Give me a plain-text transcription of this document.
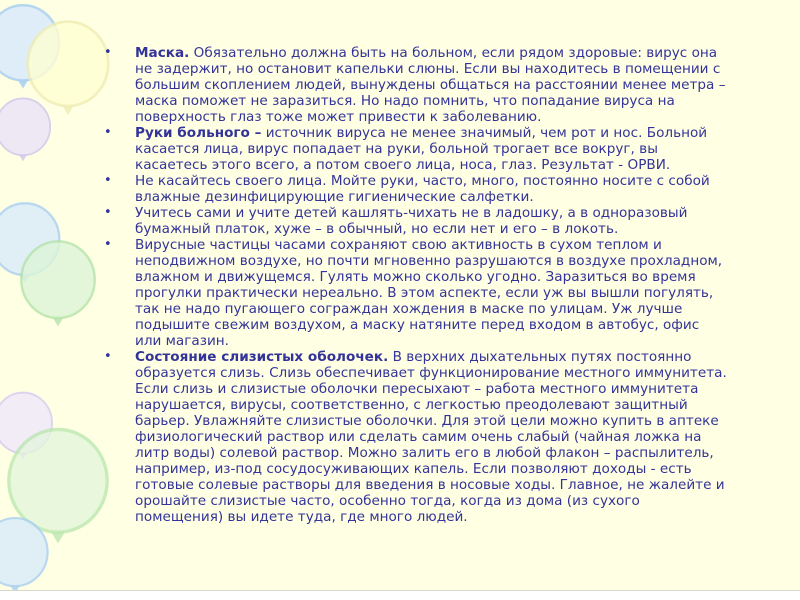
•	Маска. Обязательно должна быть на больном, если рядом здоровые: вирус она не задержит, но остановит капельки слюны. Если вы находитесь в помещении с большим скоплением людей, вынуждены общаться на расстоянии менее метра – маска поможет не заразиться. Но надо помнить, что попадание вируса на поверхность глаз тоже может привести к заболеванию.
•	Руки больного – источник вируса не менее значимый, чем рот и нос. Больной касается лица, вирус попадает на руки, больной трогает все вокруг, вы касаетесь этого всего, а потом своего лица, носа, глаз. Результат - ОРВИ.
•	Не касайтесь своего лица. Мойте руки, часто, много, постоянно носите с собой влажные дезинфицирующие гигиенические салфетки.
•	Учитесь сами и учите детей кашлять-чихать не в ладошку, а в одноразовый бумажный платок, хуже – в обычный, но если нет и его – в локоть.
•	Вирусные частицы часами сохраняют свою активность в сухом теплом и неподвижном воздухе, но почти мгновенно разрушаются в воздухе прохладном, влажном и движущемся. Гулять можно сколько угодно. Заразиться во время прогулки практически нереально. В этом аспекте, если уж вы вышли погулять, так не надо пугающего сограждан хождения в маске по улицам. Уж лучше подышите свежим воздухом, а маску натяните перед входом в автобус, офис или магазин.
•	Состояние слизистых оболочек. В верхних дыхательных путях постоянно образуется слизь. Слизь обеспечивает функционирование местного иммунитета. Если слизь и слизистые оболочки пересыхают – работа местного иммунитета нарушается, вирусы, соответственно, с легкостью преодолевают защитный барьер. Увлажняйте слизистые оболочки. Для этой цели можно купить в аптеке физиологический раствор или сделать самим очень слабый (чайная ложка на литр воды) солевой раствор. Можно залить его в любой флакон – распылитель, например, из-под сосудосуживающих капель. Если позволяют доходы - есть готовые солевые растворы для введения в носовые ходы. Главное, не жалейте и орошайте слизистые часто, особенно тогда, когда из дома (из сухого помещения) вы идете туда, где много людей.
